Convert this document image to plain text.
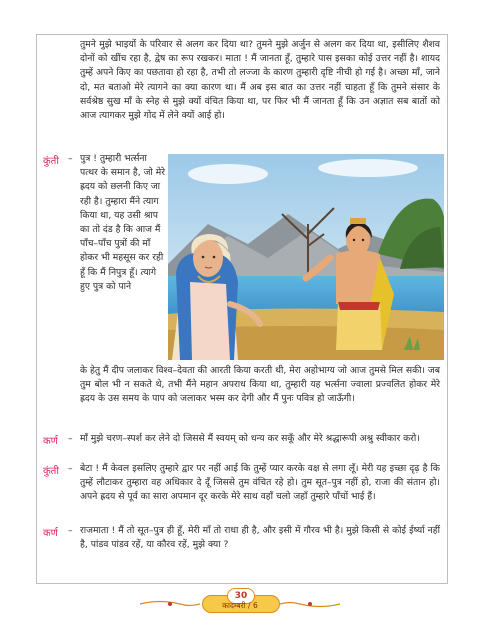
तुमने मुझे भाइयों के परिवार से अलग कर दिया था? तुमने मुझे अर्जुन से अलग कर दिया था, इसीलिए शैशव दोनों को खींच रहा है, द्वेष का रूप रखकर। माता ! मैं जानता हूँ, तुम्हारे पास इसका कोई उत्तर नहीं है। शायद तुम्हें अपने किए का पछतावा हो रहा है, तभी तो लज्जा के कारण तुम्हारी दृष्टि नीची हो गई है। अच्छा माँ, जाने दो, मत बताओ मेरे त्यागने का क्या कारण था। मैं अब इस बात का उत्तर नहीं चाहता हूँ कि तुमने संसार के सर्वश्रेष्ठ सुख माँ के स्नेह से मुझे क्यों वंचित किया था, पर फिर भी मैं जानता हूँ कि उन अज्ञात सब बातों को आज त्यागकर मुझे गोद में लेने क्यों आई हो।
कुंती – पुत्र ! तुम्हारी भर्त्सना पत्थर के समान है, जो मेरे ह्रदय को छलनी किए जा रही है। तुम्हारा मैंने त्याग किया था, यह उसी श्राप का तो दंड है कि आज मैं पाँच–पाँच पुत्रों की माँ होकर भी महसूस कर रही हूँ कि मैं निपुत्र हूँ। त्यागे हुए पुत्र को पाने
के हेतु मैं दीप जलाकर विश्व–देवता की आरती किया करती थी, मेरा अहोभाग्य जो आज तुमसे मिल सकी। जब तुम बोल भी न सकते थे, तभी मैंने महान अपराध किया था, तुम्हारी यह भर्त्सना ज्वाला प्रज्वलित होकर मेरे ह्रदय के उस समय के पाप को जलाकर भस्म कर देगी और मैं पुनः पवित्र हो जाऊँगी।
कर्ण – माँ मुझे चरण–स्पर्श कर लेने दो जिससे मैं स्वयम् को धन्य कर सकूँ और मेरे श्रद्धारूपी अश्रु स्वीकार करो।
कुंती – बेटा ! मैं केवल इसलिए तुम्हारे द्वार पर नहीं आई कि तुम्हें प्यार करके वक्ष से लगा लूँ। मेरी यह इच्छा दृढ़ है कि तुम्हें लौटाकर तुम्हारा वह अधिकार दे दूँ जिससे तुम वंचित रहे हो। तुम सूत–पुत्र नहीं हो, राजा की संतान हो। अपने ह्रदय से पूर्व का सारा अपमान दूर करके मेरे साथ वहाँ चलो जहाँ तुम्हारे पाँचों भाई हैं।
कर्ण – राजमाता ! मैं तो सूत–पुत्र ही हूँ, मेरी माँ तो राधा ही है, और इसी में गौरव भी है। मुझे किसी से कोई ईर्ष्या नहीं है, पांडव पांडव रहें, या कौरव रहें, मुझे क्या ?
30
कादम्बरी / 6
